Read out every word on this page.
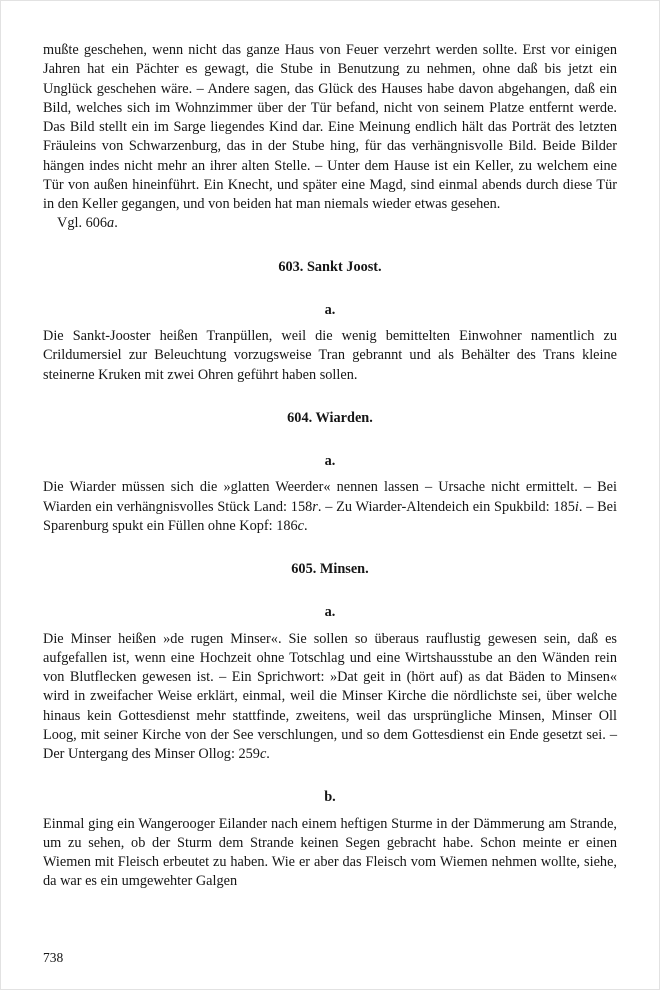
mußte geschehen, wenn nicht das ganze Haus von Feuer verzehrt werden sollte. Erst vor einigen Jahren hat ein Pächter es gewagt, die Stube in Benutzung zu nehmen, ohne daß bis jetzt ein Unglück geschehen wäre. – Andere sagen, das Glück des Hauses habe davon abgehangen, daß ein Bild, welches sich im Wohnzimmer über der Tür befand, nicht von seinem Platze entfernt werde. Das Bild stellt ein im Sarge liegendes Kind dar. Eine Meinung endlich hält das Porträt des letzten Fräuleins von Schwarzenburg, das in der Stube hing, für das verhängnisvolle Bild. Beide Bilder hängen indes nicht mehr an ihrer alten Stelle. – Unter dem Hause ist ein Keller, zu welchem eine Tür von außen hineinführt. Ein Knecht, und später eine Magd, sind einmal abends durch diese Tür in den Keller gegangen, und von beiden hat man niemals wieder etwas gesehen.

Vgl. 606a.

603. Sankt Joost.
a.

Die Sankt-Jooster heißen Tranpüllen, weil die wenig bemittelten Einwohner namentlich zu Crildumersiel zur Beleuchtung vorzugsweise Tran gebrannt und als Behälter des Trans kleine steinerne Kruken mit zwei Ohren geführt haben sollen.

604. Wiarden.
a.

Die Wiarder müssen sich die »glatten Weerder« nennen lassen – Ursache nicht ermittelt. – Bei Wiarden ein verhängnisvolles Stück Land: 158r. – Zu Wiarder-Altendeich ein Spukbild: 185i. – Bei Sparenburg spukt ein Füllen ohne Kopf: 186c.

605. Minsen.
a.

Die Minser heißen »de rugen Minser«. Sie sollen so überaus rauflustig gewesen sein, daß es aufgefallen ist, wenn eine Hochzeit ohne Totschlag und eine Wirtshausstube an den Wänden rein von Blutflecken gewesen ist. – Ein Sprichwort: »Dat geit in (hört auf) as dat Bäden to Minsen« wird in zweifacher Weise erklärt, einmal, weil die Minser Kirche die nördlichste sei, über welche hinaus kein Gottesdienst mehr stattfinde, zweitens, weil das ursprüngliche Minsen, Minser Oll Loog, mit seiner Kirche von der See verschlungen, und so dem Gottesdienst ein Ende gesetzt sei. – Der Untergang des Minser Ollog: 259c.

b.

Einmal ging ein Wangerooger Eilander nach einem heftigen Sturme in der Dämmerung am Strande, um zu sehen, ob der Sturm dem Strande keinen Segen gebracht habe. Schon meinte er einen Wiemen mit Fleisch erbeutet zu haben. Wie er aber das Fleisch vom Wiemen nehmen wollte, siehe, da war es ein umgewehter Galgen

738
